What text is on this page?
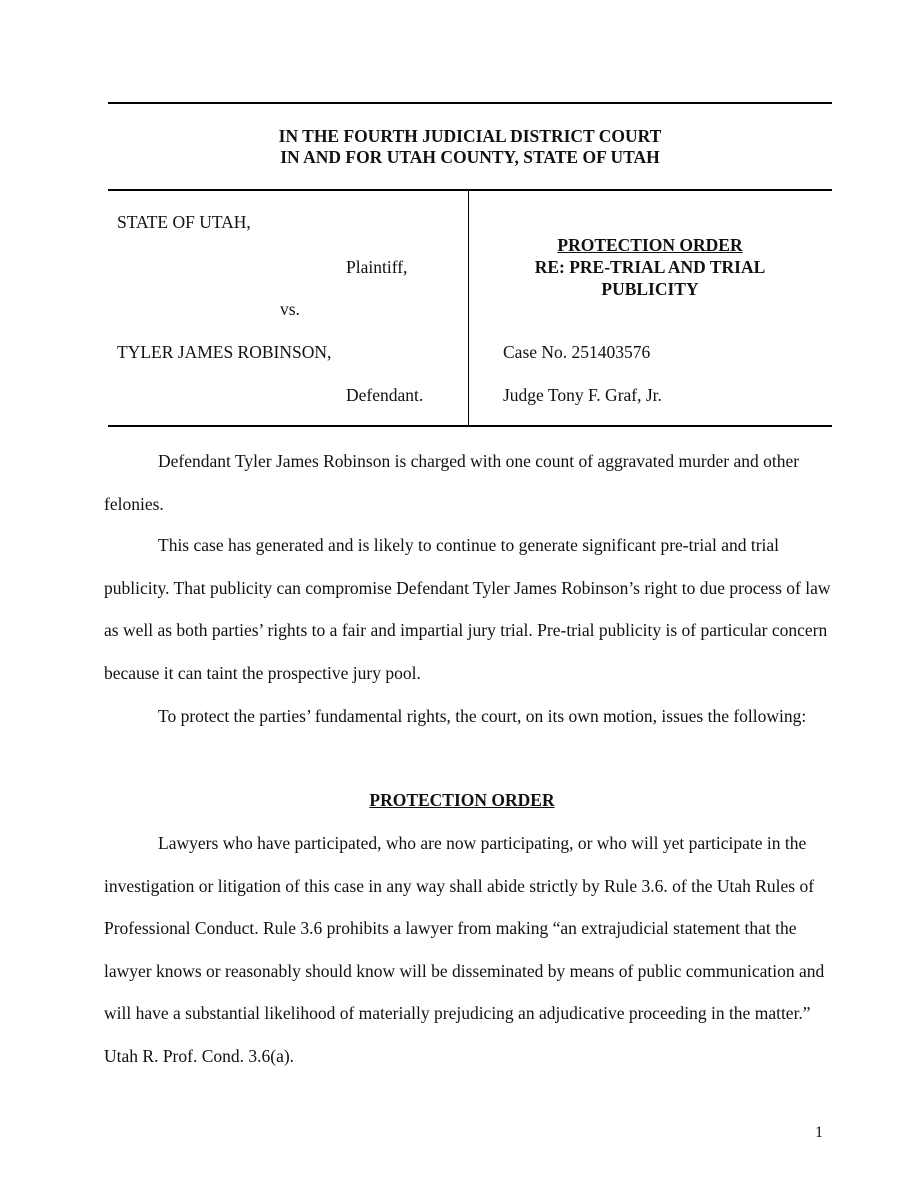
IN THE FOURTH JUDICIAL DISTRICT COURT
IN AND FOR UTAH COUNTY, STATE OF UTAH
STATE OF UTAH,
Plaintiff,
vs.
TYLER JAMES ROBINSON,
Defendant.
PROTECTION ORDER
RE: PRE-TRIAL AND TRIAL
PUBLICITY
Case No. 251403576
Judge Tony F. Graf, Jr.
Defendant Tyler James Robinson is charged with one count of aggravated murder and other felonies.
This case has generated and is likely to continue to generate significant pre-trial and trial publicity. That publicity can compromise Defendant Tyler James Robinson’s right to due process of law as well as both parties’ rights to a fair and impartial jury trial. Pre-trial publicity is of particular concern because it can taint the prospective jury pool.
To protect the parties’ fundamental rights, the court, on its own motion, issues the following:
PROTECTION ORDER
Lawyers who have participated, who are now participating, or who will yet participate in the investigation or litigation of this case in any way shall abide strictly by Rule 3.6. of the Utah Rules of Professional Conduct. Rule 3.6 prohibits a lawyer from making “an extrajudicial statement that the lawyer knows or reasonably should know will be disseminated by means of public communication and will have a substantial likelihood of materially prejudicing an adjudicative proceeding in the matter.” Utah R. Prof. Cond. 3.6(a).
1
